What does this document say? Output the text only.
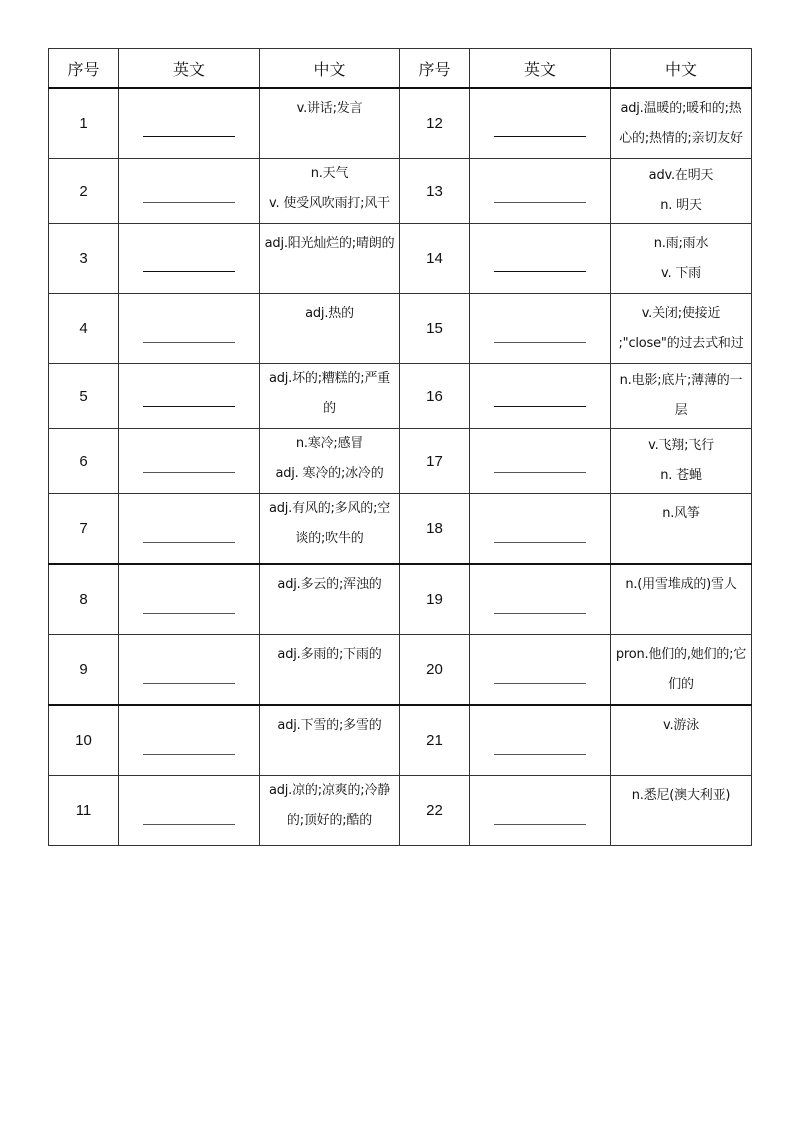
序号	英文	中文	序号	英文	中文
1		v.讲话;发言	12		adj.温暖的;暖和的;热
心的;热情的;亲切友好

2		n.天气
v. 使受风吹雨打;风干	13		adv.在明天
n. 明天

3		adj.阳光灿烂的;晴朗的	14		n.雨;雨水
v. 下雨

4		adj.热的	15		v.关闭;使接近
;"close"的过去式和过

5		adj.坏的;糟糕的;严重
的	16		n.电影;底片;薄薄的一
层

6		n.寒冷;感冒
adj. 寒冷的;冰冷的	17		v.飞翔;飞行
n. 苍蝇

7		adj.有风的;多风的;空
谈的;吹牛的	18		n.风筝

8		adj.多云的;浑浊的	19		n.(用雪堆成的)雪人

9		adj.多雨的;下雨的	20		pron.他们的,她们的;它
们的

10		adj.下雪的;多雪的	21		v.游泳

11		adj.凉的;凉爽的;冷静
的;顶好的;酷的	22		n.悉尼(澳大利亚)
